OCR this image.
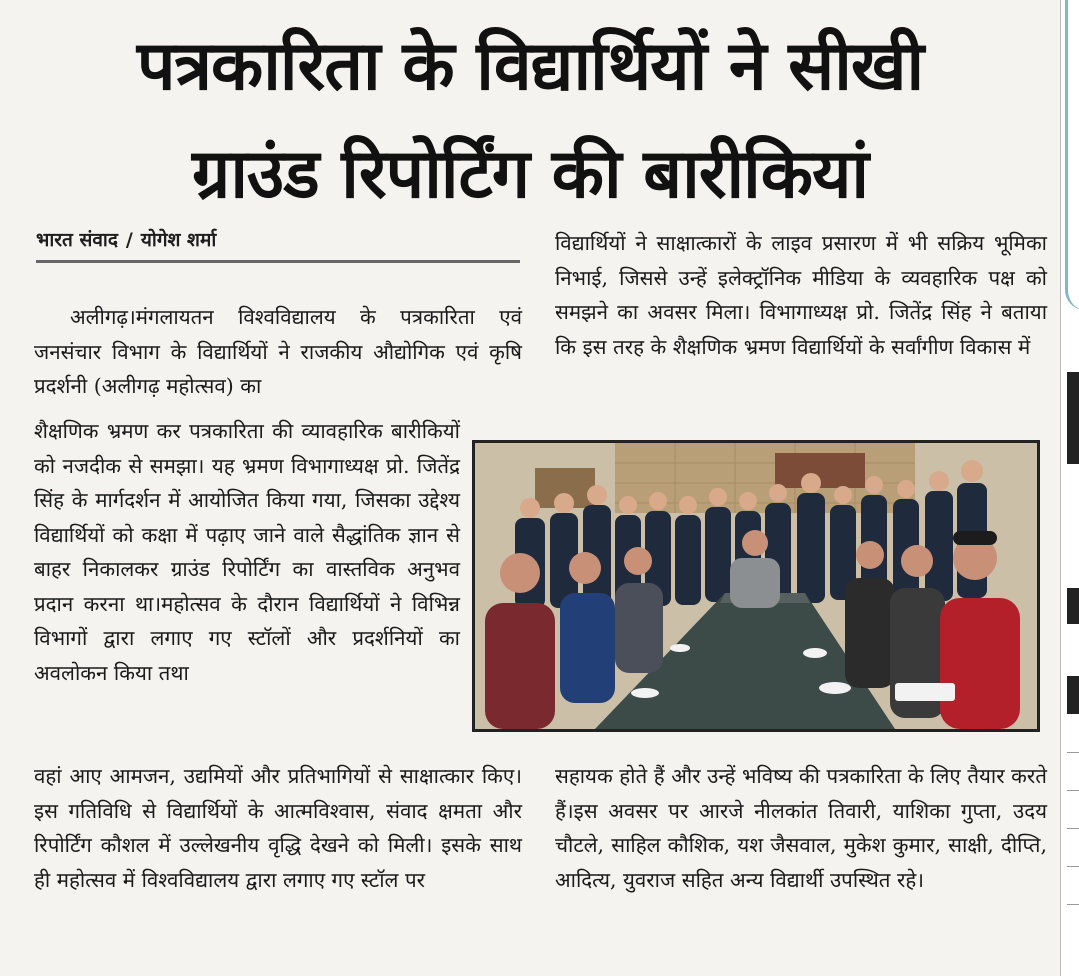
पत्रकारिता के विद्यार्थियों ने सीखी
ग्राउंड रिपोर्टिंग की बारीकियां
भारत संवाद / योगेश शर्मा

अलीगढ़।मंगलायतन विश्वविद्यालय के पत्रकारिता एवं जनसंचार विभाग के विद्यार्थियों ने राजकीय औद्योगिक एवं कृषि प्रदर्शनी (अलीगढ़ महोत्सव) का

शैक्षणिक भ्रमण कर पत्रकारिता की व्यावहारिक बारीकियों को नजदीक से समझा। यह भ्रमण विभागाध्यक्ष प्रो. जितेंद्र सिंह के मार्गदर्शन में आयोजित किया गया, जिसका उद्देश्य विद्यार्थियों को कक्षा में पढ़ाए जाने वाले सैद्धांतिक ज्ञान से बाहर निकालकर ग्राउंड रिपोर्टिंग का वास्तविक अनुभव प्रदान करना था।महोत्सव के दौरान विद्यार्थियों ने विभिन्न विभागों द्वारा लगाए गए स्टॉलों और प्रदर्शनियों का अवलोकन किया तथा

वहां आए आमजन, उद्यमियों और प्रतिभागियों से साक्षात्कार किए। इस गतिविधि से विद्यार्थियों के आत्मविश्वास, संवाद क्षमता और रिपोर्टिंग कौशल में उल्लेखनीय वृद्धि देखने को मिली। इसके साथ ही महोत्सव में विश्वविद्यालय द्वारा लगाए गए स्टॉल पर

विद्यार्थियों ने साक्षात्कारों के लाइव प्रसारण में भी सक्रिय भूमिका निभाई, जिससे उन्हें इलेक्ट्रॉनिक मीडिया के व्यवहारिक पक्ष को समझने का अवसर मिला। विभागाध्यक्ष प्रो. जितेंद्र सिंह ने बताया कि इस तरह के शैक्षणिक भ्रमण विद्यार्थियों के सर्वांगीण विकास में

सहायक होते हैं और उन्हें भविष्य की पत्रकारिता के लिए तैयार करते हैं।इस अवसर पर आरजे नीलकांत तिवारी, याशिका गुप्ता, उदय चौटले, साहिल कौशिक, यश जैसवाल, मुकेश कुमार, साक्षी, दीप्ति, आदित्य, युवराज सहित अन्य विद्यार्थी उपस्थित रहे।
